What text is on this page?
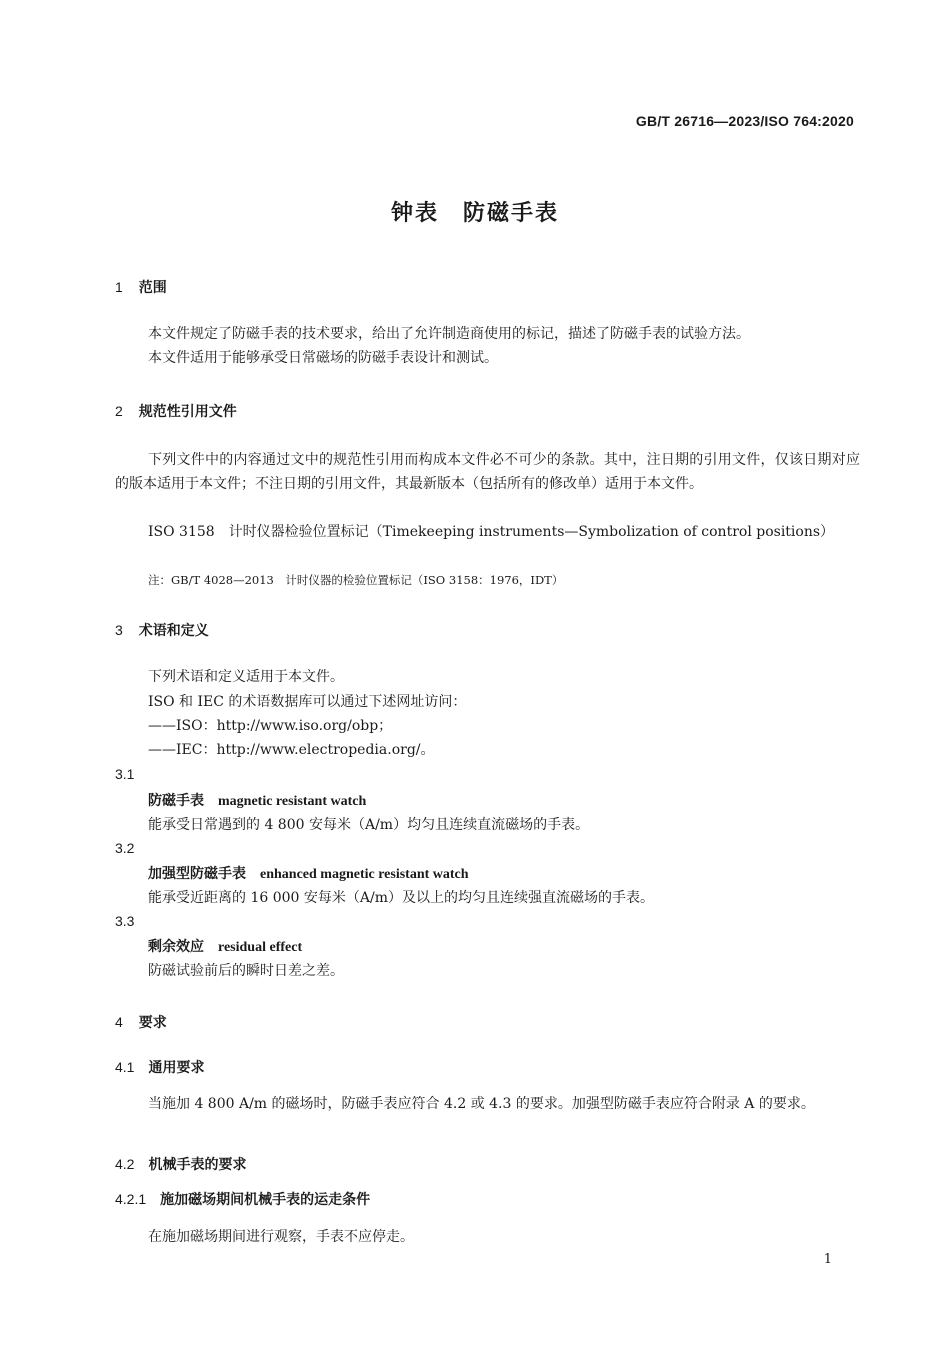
GB/T 26716—2023/ISO 764:2020
钟表　防磁手表
1 范围
本文件规定了防磁手表的技术要求，给出了允许制造商使用的标记，描述了防磁手表的试验方法。
本文件适用于能够承受日常磁场的防磁手表设计和测试。
2 规范性引用文件
下列文件中的内容通过文中的规范性引用而构成本文件必不可少的条款。其中，注日期的引用文件，仅该日期对应的版本适用于本文件；不注日期的引用文件，其最新版本（包括所有的修改单）适用于本文件。
ISO 3158　计时仪器检验位置标记（Timekeeping instruments—Symbolization of control positions）
注：GB/T 4028—2013　计时仪器的检验位置标记（ISO 3158：1976，IDT）
3 术语和定义
下列术语和定义适用于本文件。
ISO 和 IEC 的术语数据库可以通过下述网址访问：
——ISO：http://www.iso.org/obp；
——IEC：http://www.electropedia.org/。
3.1
防磁手表 magnetic resistant watch
能承受日常遇到的 4 800 安每米（A/m）均匀且连续直流磁场的手表。
3.2
加强型防磁手表 enhanced magnetic resistant watch
能承受近距离的 16 000 安每米（A/m）及以上的均匀且连续强直流磁场的手表。
3.3
剩余效应 residual effect
防磁试验前后的瞬时日差之差。
4 要求
4.1 通用要求
当施加 4 800 A/m 的磁场时，防磁手表应符合 4.2 或 4.3 的要求。加强型防磁手表应符合附录 A 的要求。
4.2 机械手表的要求
4.2.1 施加磁场期间机械手表的运走条件
在施加磁场期间进行观察，手表不应停走。
1
